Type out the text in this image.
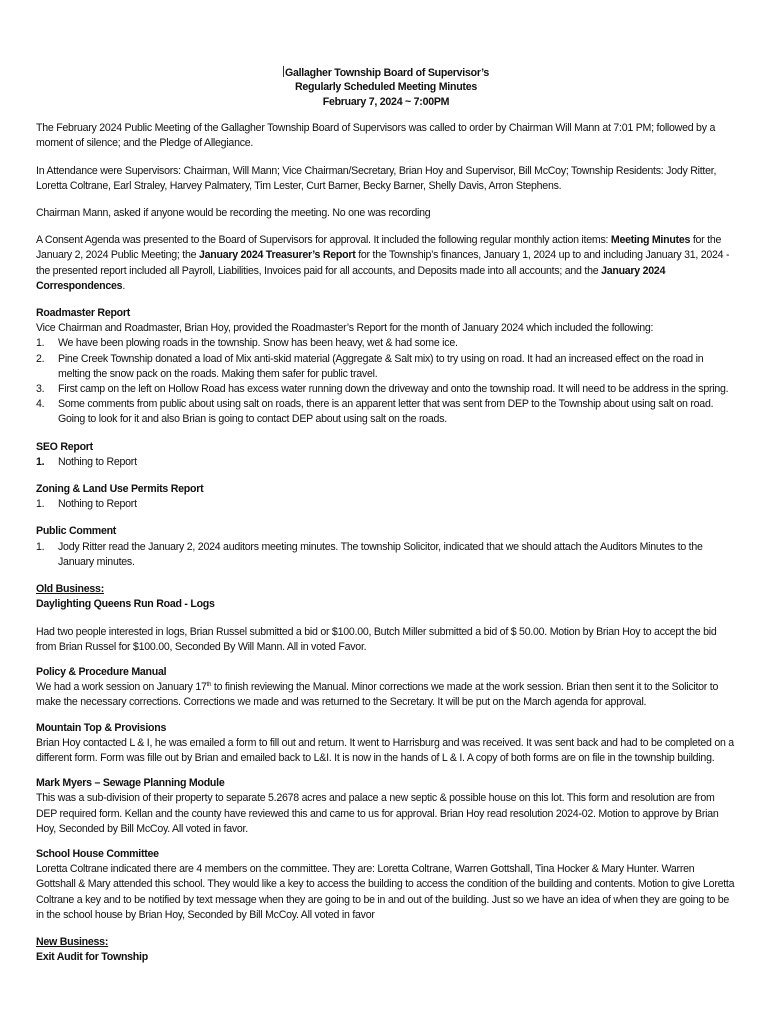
Gallagher Township Board of Supervisor’s
Regularly Scheduled Meeting Minutes
February 7, 2024 ~ 7:00PM

The February 2024 Public Meeting of the Gallagher Township Board of Supervisors was called to order by Chairman Will Mann at 7:01 PM; followed by a moment of silence; and the Pledge of Allegiance.

In Attendance were Supervisors: Chairman, Will Mann; Vice Chairman/Secretary, Brian Hoy and Supervisor, Bill McCoy; Township Residents: Jody Ritter, Loretta Coltrane, Earl Straley, Harvey Palmatery, Tim Lester, Curt Barner, Becky Barner, Shelly Davis, Arron Stephens.

Chairman Mann, asked if anyone would be recording the meeting. No one was recording

A Consent Agenda was presented to the Board of Supervisors for approval. It included the following regular monthly action items: Meeting Minutes for the January 2, 2024 Public Meeting; the January 2024 Treasurer’s Report for the Township’s finances, January 1, 2024 up to and including January 31, 2024 - the presented report included all Payroll, Liabilities, Invoices paid for all accounts, and Deposits made into all accounts; and the January 2024 Correspondences.

Roadmaster Report

Vice Chairman and Roadmaster, Brian Hoy, provided the Roadmaster’s Report for the month of January 2024 which included the following:

1. We have been plowing roads in the township. Snow has been heavy, wet & had some ice.
2. Pine Creek Township donated a load of Mix anti-skid material (Aggregate & Salt mix) to try using on road. It had an increased effect on the road in melting the snow pack on the roads. Making them safer for public travel.
3. First camp on the left on Hollow Road has excess water running down the driveway and onto the township road. It will need to be address in the spring.
4. Some comments from public about using salt on roads, there is an apparent letter that was sent from DEP to the Township about using salt on road. Going to look for it and also Brian is going to contact DEP about using salt on the roads.

SEO Report

1. Nothing to Report

Zoning & Land Use Permits Report

1. Nothing to Report

Public Comment

1. Jody Ritter read the January 2, 2024 auditors meeting minutes. The township Solicitor, indicated that we should attach the Auditors Minutes to the January minutes.

Old Business:

Daylighting Queens Run Road - Logs

Had two people interested in logs, Brian Russel submitted a bid or $100.00, Butch Miller submitted a bid of $ 50.00. Motion by Brian Hoy to accept the bid from Brian Russel for $100.00, Seconded By Will Mann. All in voted Favor.

Policy & Procedure Manual

We had a work session on January 17th to finish reviewing the Manual. Minor corrections we made at the work session. Brian then sent it to the Solicitor to make the necessary corrections. Corrections we made and was returned to the Secretary. It will be put on the March agenda for approval.

Mountain Top & Provisions

Brian Hoy contacted L & I, he was emailed a form to fill out and return. It went to Harrisburg and was received. It was sent back and had to be completed on a different form. Form was fille out by Brian and emailed back to L&I. It is now in the hands of L & I. A copy of both forms are on file in the township building.

Mark Myers – Sewage Planning Module

This was a sub-division of their property to separate 5.2678 acres and palace a new septic & possible house on this lot. This form and resolution are from DEP required form. Kellan and the county have reviewed this and came to us for approval. Brian Hoy read resolution 2024-02. Motion to approve by Brian Hoy, Seconded by Bill McCoy. All voted in favor.

School House Committee

Loretta Coltrane indicated there are 4 members on the committee. They are: Loretta Coltrane, Warren Gottshall, Tina Hocker & Mary Hunter. Warren Gottshall & Mary attended this school. They would like a key to access the building to access the condition of the building and contents. Motion to give Loretta Coltrane a key and to be notified by text message when they are going to be in and out of the building. Just so we have an idea of when they are going to be in the school house by Brian Hoy, Seconded by Bill McCoy. All voted in favor

New Business:

Exit Audit for Township
